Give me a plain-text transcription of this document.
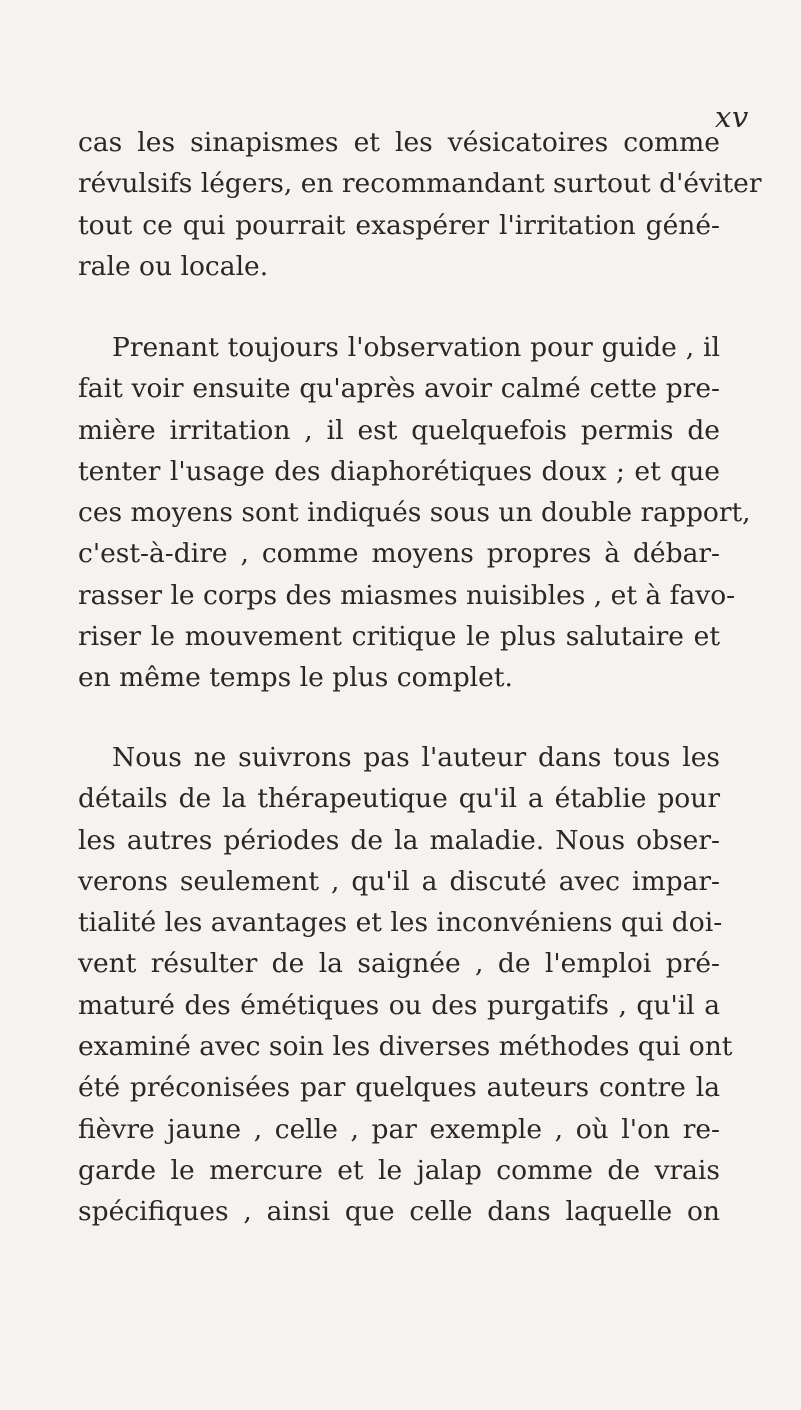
xv

cas les sinapismes et les vésicatoires comme
révulsifs légers, en recommandant surtout d'éviter
tout ce qui pourrait exaspérer l'irritation géné-
rale ou locale.

Prenant toujours l'observation pour guide , il
fait voir ensuite qu'après avoir calmé cette pre-
mière irritation , il est quelquefois permis de
tenter l'usage des diaphorétiques doux ; et que
ces moyens sont indiqués sous un double rapport,
c'est-à-dire , comme moyens propres à débar-
rasser le corps des miasmes nuisibles , et à favo-
riser le mouvement critique le plus salutaire et
en même temps le plus complet.

Nous ne suivrons pas l'auteur dans tous les
détails de la thérapeutique qu'il a établie pour
les autres périodes de la maladie. Nous obser-
verons seulement , qu'il a discuté avec impar-
tialité les avantages et les inconvéniens qui doi-
vent résulter de la saignée , de l'emploi pré-
maturé des émétiques ou des purgatifs , qu'il a
examiné avec soin les diverses méthodes qui ont
été préconisées par quelques auteurs contre la
fièvre jaune , celle , par exemple , où l'on re-
garde le mercure et le jalap comme de vrais
spécifiques , ainsi que celle dans laquelle on
